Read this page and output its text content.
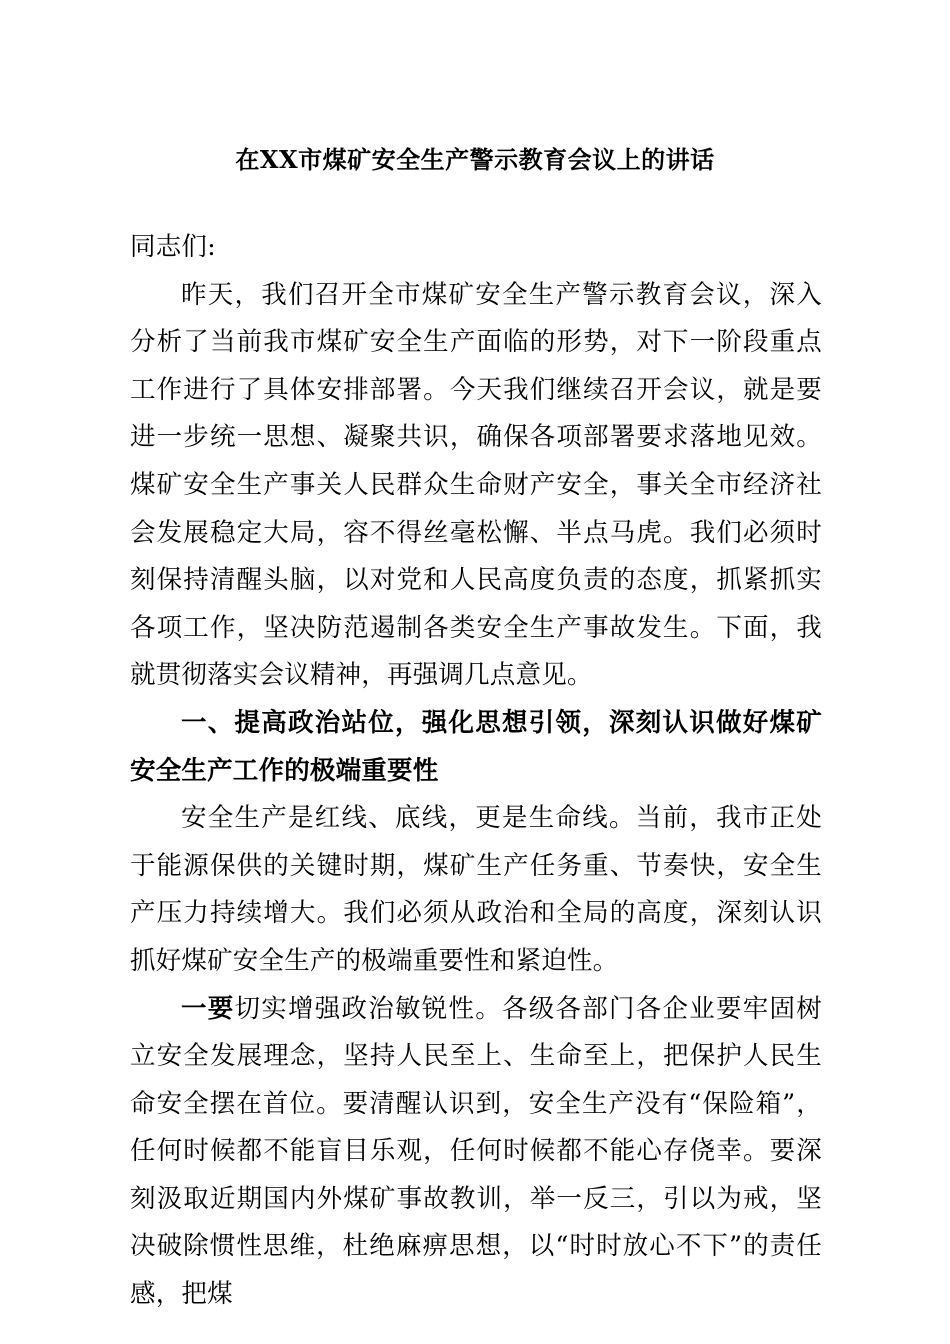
在XX市煤矿安全生产警示教育会议上的讲话

同志们:

昨天，我们召开全市煤矿安全生产警示教育会议，深入分析了当前我市煤矿安全生产面临的形势，对下一阶段重点工作进行了具体安排部署。今天我们继续召开会议，就是要进一步统一思想、凝聚共识，确保各项部署要求落地见效。煤矿安全生产事关人民群众生命财产安全，事关全市经济社会发展稳定大局，容不得丝毫松懈、半点马虎。我们必须时刻保持清醒头脑，以对党和人民高度负责的态度，抓紧抓实各项工作，坚决防范遏制各类安全生产事故发生。下面，我就贯彻落实会议精神，再强调几点意见。

一、提高政治站位，强化思想引领，深刻认识做好煤矿安全生产工作的极端重要性

安全生产是红线、底线，更是生命线。当前，我市正处于能源保供的关键时期，煤矿生产任务重、节奏快，安全生产压力持续增大。我们必须从政治和全局的高度，深刻认识抓好煤矿安全生产的极端重要性和紧迫性。

一要切实增强政治敏锐性。各级各部门各企业要牢固树立安全发展理念，坚持人民至上、生命至上，把保护人民生命安全摆在首位。要清醒认识到，安全生产没有“保险箱”，任何时候都不能盲目乐观，任何时候都不能心存侥幸。要深刻汲取近期国内外煤矿事故教训，举一反三，引以为戒，坚决破除惯性思维，杜绝麻痹思想，以“时时放心不下”的责任感，把煤
